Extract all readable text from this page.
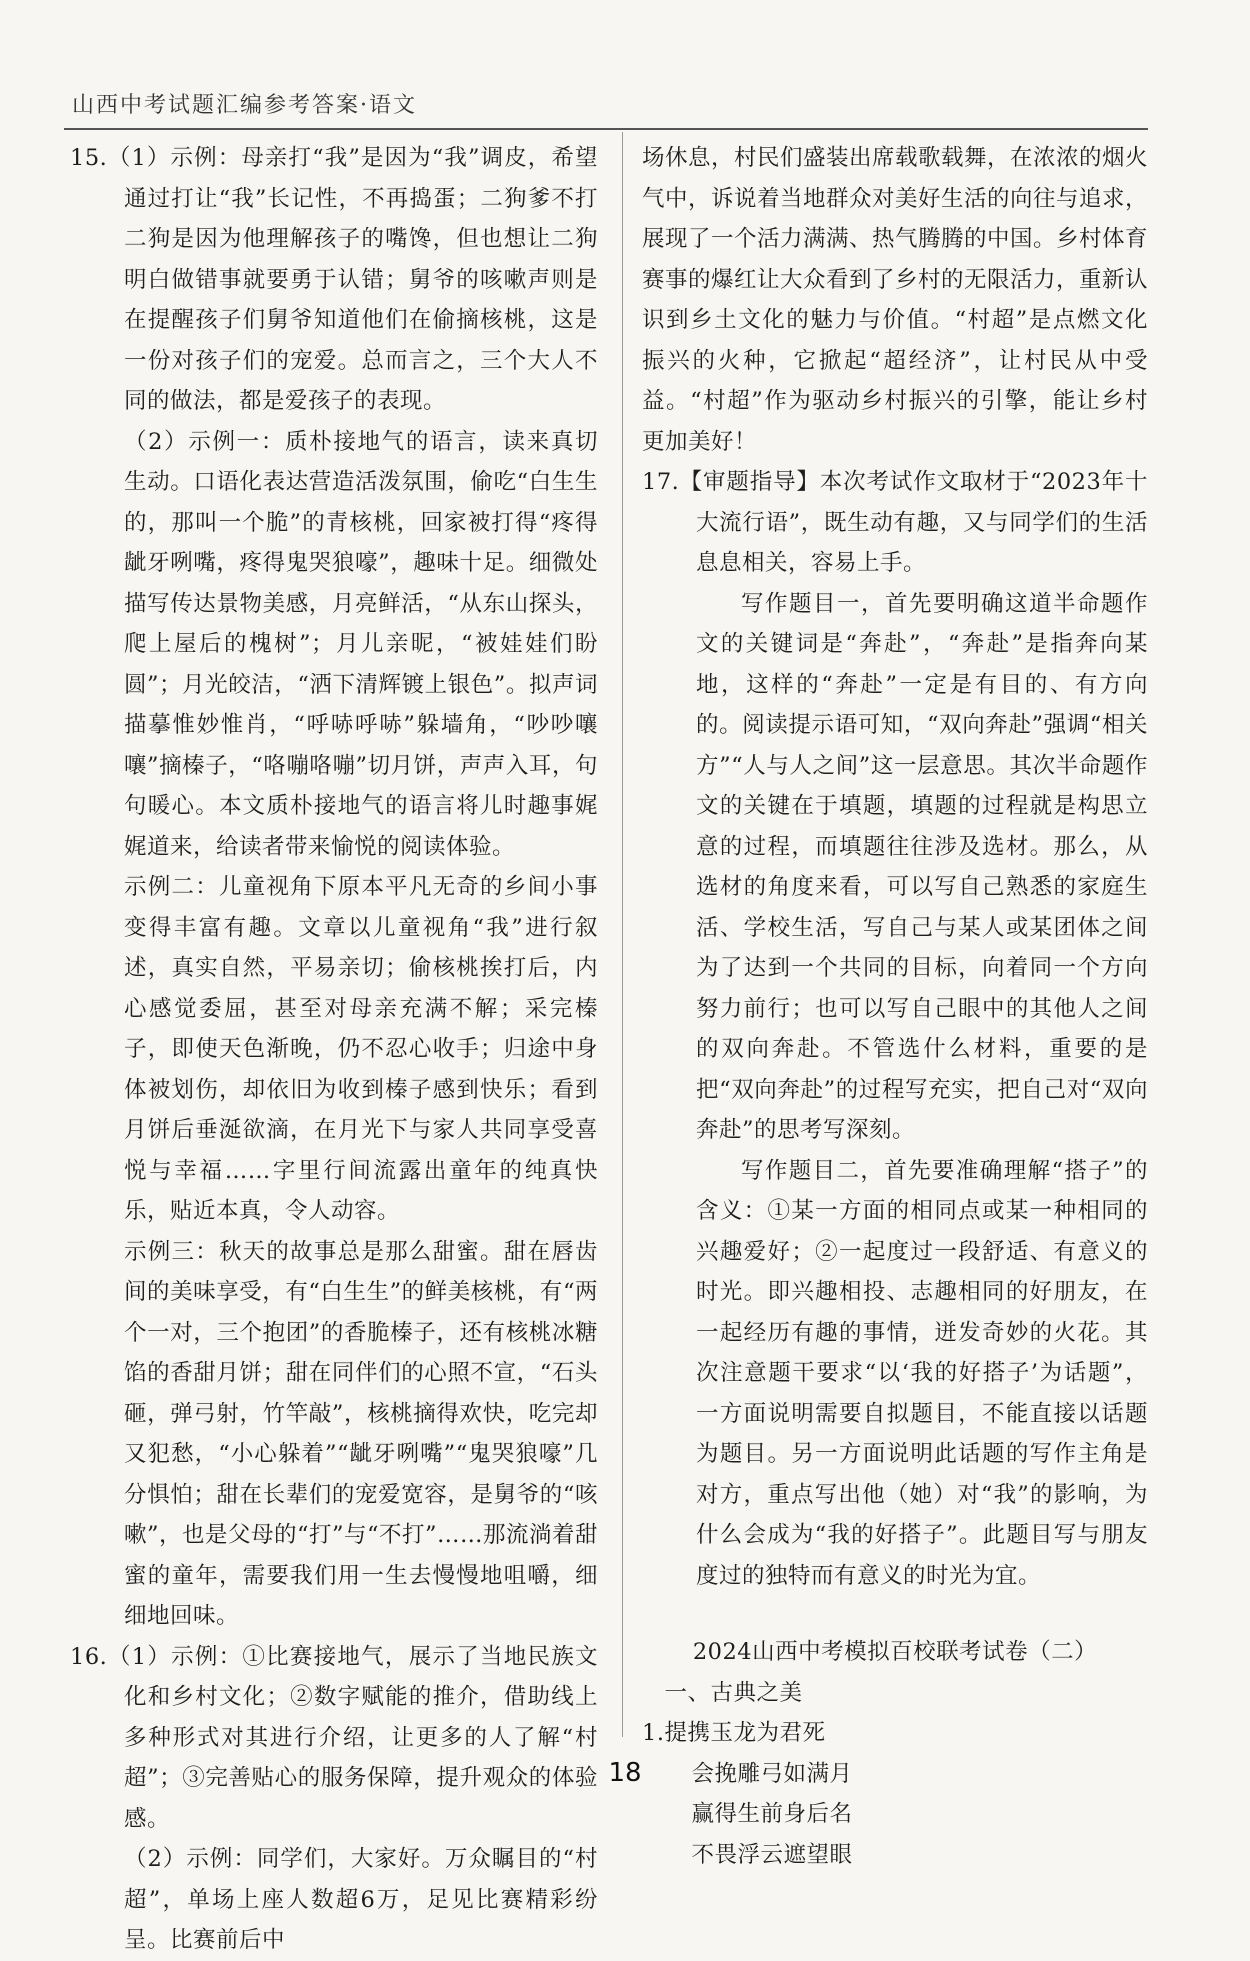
山西中考试题汇编参考答案·语文

15.（1）示例：母亲打“我”是因为“我”调皮，希望通过打让“我”长记性，不再捣蛋；二狗爹不打二狗是因为他理解孩子的嘴馋，但也想让二狗明白做错事就要勇于认错；舅爷的咳嗽声则是在提醒孩子们舅爷知道他们在偷摘核桃，这是一份对孩子们的宠爱。总而言之，三个大人不同的做法，都是爱孩子的表现。

（2）示例一：质朴接地气的语言，读来真切生动。口语化表达营造活泼氛围，偷吃“白生生的，那叫一个脆”的青核桃，回家被打得“疼得龇牙咧嘴，疼得鬼哭狼嚎”，趣味十足。细微处描写传达景物美感，月亮鲜活，“从东山探头，爬上屋后的槐树”；月儿亲昵，“被娃娃们盼圆”；月光皎洁，“洒下清辉镀上银色”。拟声词描摹惟妙惟肖，“呼哧呼哧”躲墙角，“吵吵嚷嚷”摘榛子，“咯嘣咯嘣”切月饼，声声入耳，句句暖心。本文质朴接地气的语言将儿时趣事娓娓道来，给读者带来愉悦的阅读体验。

示例二：儿童视角下原本平凡无奇的乡间小事变得丰富有趣。文章以儿童视角“我”进行叙述，真实自然，平易亲切；偷核桃挨打后，内心感觉委屈，甚至对母亲充满不解；采完榛子，即使天色渐晚，仍不忍心收手；归途中身体被划伤，却依旧为收到榛子感到快乐；看到月饼后垂涎欲滴，在月光下与家人共同享受喜悦与幸福……字里行间流露出童年的纯真快乐，贴近本真，令人动容。

示例三：秋天的故事总是那么甜蜜。甜在唇齿间的美味享受，有“白生生”的鲜美核桃，有“两个一对，三个抱团”的香脆榛子，还有核桃冰糖馅的香甜月饼；甜在同伴们的心照不宣，“石头砸，弹弓射，竹竿敲”，核桃摘得欢快，吃完却又犯愁，“小心躲着”“龇牙咧嘴”“鬼哭狼嚎”几分惧怕；甜在长辈们的宠爱宽容，是舅爷的“咳嗽”，也是父母的“打”与“不打”……那流淌着甜蜜的童年，需要我们用一生去慢慢地咀嚼，细细地回味。

16.（1）示例：①比赛接地气，展示了当地民族文化和乡村文化；②数字赋能的推介，借助线上多种形式对其进行介绍，让更多的人了解“村超”；③完善贴心的服务保障，提升观众的体验感。

（2）示例：同学们，大家好。万众瞩目的“村超”，单场上座人数超6万，足见比赛精彩纷呈。比赛前后中

场休息，村民们盛装出席载歌载舞，在浓浓的烟火气中，诉说着当地群众对美好生活的向往与追求，展现了一个活力满满、热气腾腾的中国。乡村体育赛事的爆红让大众看到了乡村的无限活力，重新认识到乡土文化的魅力与价值。“村超”是点燃文化振兴的火种，它掀起“超经济”，让村民从中受益。“村超”作为驱动乡村振兴的引擎，能让乡村更加美好！

17.【审题指导】本次考试作文取材于“2023年十大流行语”，既生动有趣，又与同学们的生活息息相关，容易上手。

写作题目一，首先要明确这道半命题作文的关键词是“奔赴”，“奔赴”是指奔向某地，这样的“奔赴”一定是有目的、有方向的。阅读提示语可知，“双向奔赴”强调“相关方”“人与人之间”这一层意思。其次半命题作文的关键在于填题，填题的过程就是构思立意的过程，而填题往往涉及选材。那么，从选材的角度来看，可以写自己熟悉的家庭生活、学校生活，写自己与某人或某团体之间为了达到一个共同的目标，向着同一个方向努力前行；也可以写自己眼中的其他人之间的双向奔赴。不管选什么材料，重要的是把“双向奔赴”的过程写充实，把自己对“双向奔赴”的思考写深刻。

写作题目二，首先要准确理解“搭子”的含义：①某一方面的相同点或某一种相同的兴趣爱好；②一起度过一段舒适、有意义的时光。即兴趣相投、志趣相同的好朋友，在一起经历有趣的事情，迸发奇妙的火花。其次注意题干要求“以‘我的好搭子’为话题”，一方面说明需要自拟题目，不能直接以话题为题目。另一方面说明此话题的写作主角是对方，重点写出他（她）对“我”的影响，为什么会成为“我的好搭子”。此题目写与朋友度过的独特而有意义的时光为宜。

2024山西中考模拟百校联考试卷（二）

一、古典之美

1.提携玉龙为君死
会挽雕弓如满月
赢得生前身后名
不畏浮云遮望眼
18
